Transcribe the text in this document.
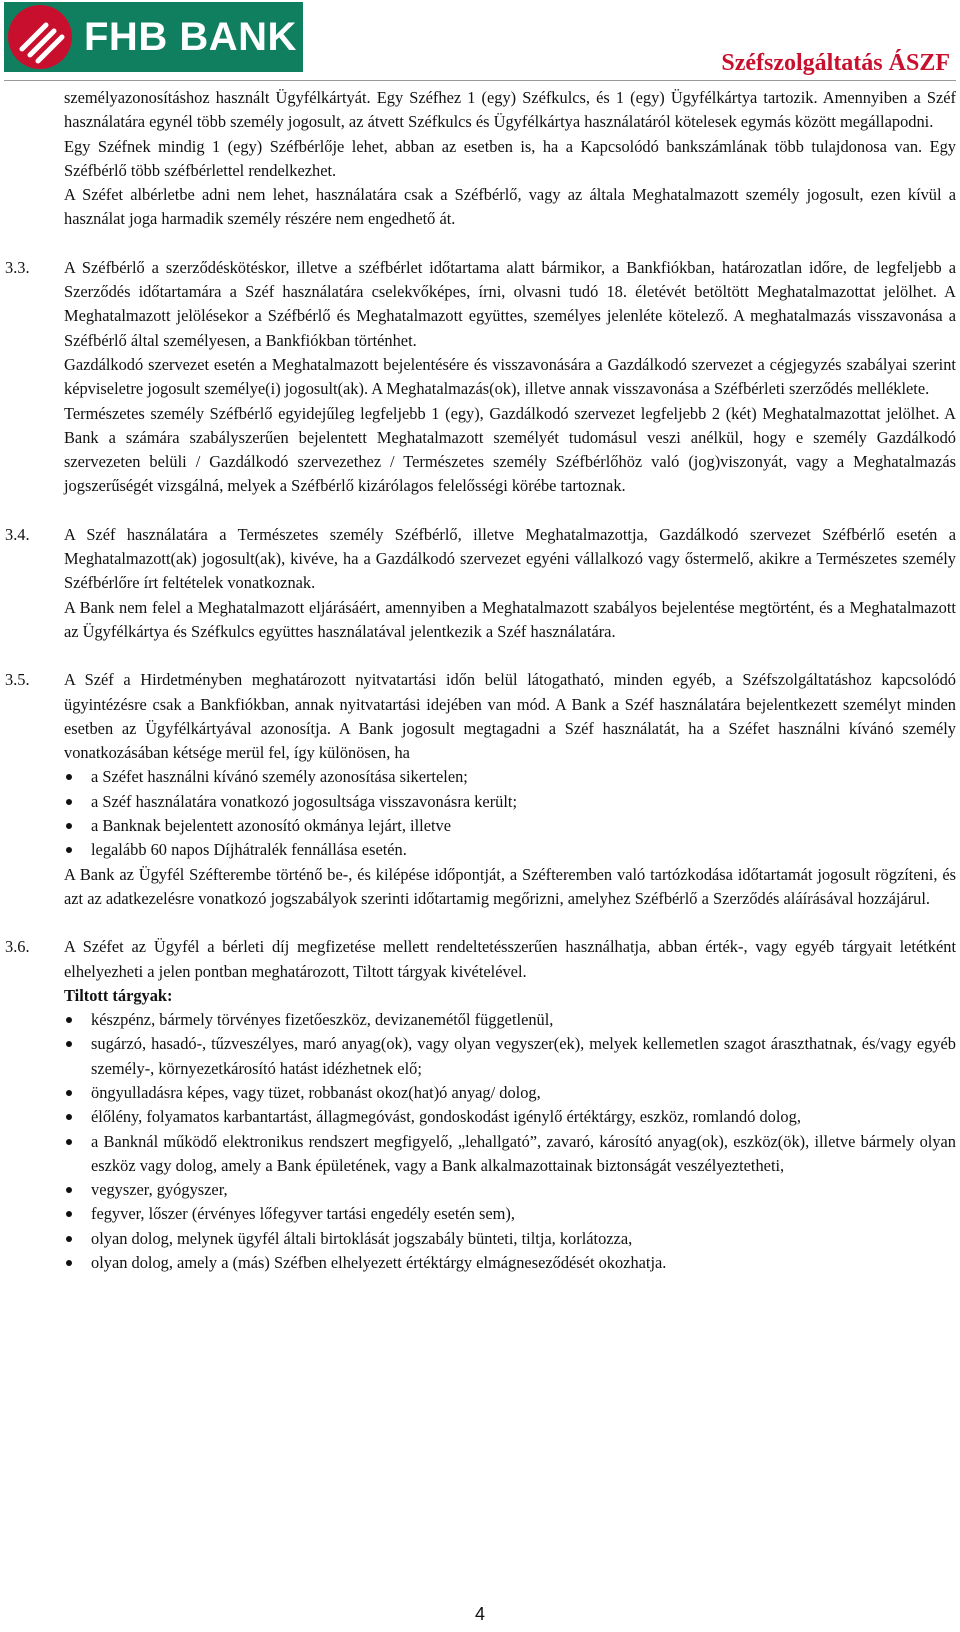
FHB BANK
Széfszolgáltatás ÁSZF

személyazonosításhoz használt Ügyfélkártyát. Egy Széfhez 1 (egy) Széfkulcs, és 1 (egy) Ügyfélkártya tartozik. Amennyiben a Széf használatára egynél több személy jogosult, az átvett Széfkulcs és Ügyfélkártya használatáról kötelesek egymás között megállapodni.

Egy Széfnek mindig 1 (egy) Széfbérlője lehet, abban az esetben is, ha a Kapcsolódó bankszámlának több tulajdonosa van. Egy Széfbérlő több széfbérlettel rendelkezhet.

A Széfet albérletbe adni nem lehet, használatára csak a Széfbérlő, vagy az általa Meghatalmazott személy jogosult, ezen kívül a használat joga harmadik személy részére nem engedhető át.

3.3. A Széfbérlő a szerződéskötéskor, illetve a széfbérlet időtartama alatt bármikor, a Bankfiókban, határozatlan időre, de legfeljebb a Szerződés időtartamára a Széf használatára cselekvőképes, írni, olvasni tudó 18. életévét betöltött Meghatalmazottat jelölhet. A Meghatalmazott jelölésekor a Széfbérlő és Meghatalmazott együttes, személyes jelenléte kötelező. A meghatalmazás visszavonása a Széfbérlő által személyesen, a Bankfiókban történhet.

Gazdálkodó szervezet esetén a Meghatalmazott bejelentésére és visszavonására a Gazdálkodó szervezet a cégjegyzés szabályai szerint képviseletre jogosult személye(i) jogosult(ak). A Meghatalmazás(ok), illetve annak visszavonása a Széfbérleti szerződés melléklete.

Természetes személy Széfbérlő egyidejűleg legfeljebb 1 (egy), Gazdálkodó szervezet legfeljebb 2 (két) Meghatalmazottat jelölhet. A Bank a számára szabályszerűen bejelentett Meghatalmazott személyét tudomásul veszi anélkül, hogy e személy Gazdálkodó szervezeten belüli / Gazdálkodó szervezethez / Természetes személy Széfbérlőhöz való (jog)viszonyát, vagy a Meghatalmazás jogszerűségét vizsgálná, melyek a Széfbérlő kizárólagos felelősségi körébe tartoznak.

3.4. A Széf használatára a Természetes személy Széfbérlő, illetve Meghatalmazottja, Gazdálkodó szervezet Széfbérlő esetén a Meghatalmazott(ak) jogosult(ak), kivéve, ha a Gazdálkodó szervezet egyéni vállalkozó vagy őstermelő, akikre a Természetes személy Széfbérlőre írt feltételek vonatkoznak.

A Bank nem felel a Meghatalmazott eljárásáért, amennyiben a Meghatalmazott szabályos bejelentése megtörtént, és a Meghatalmazott az Ügyfélkártya és Széfkulcs együttes használatával jelentkezik a Széf használatára.

3.5. A Széf a Hirdetményben meghatározott nyitvatartási időn belül látogatható, minden egyéb, a Széfszolgáltatáshoz kapcsolódó ügyintézésre csak a Bankfiókban, annak nyitvatartási idejében van mód. A Bank a Széf használatára bejelentkezett személyt minden esetben az Ügyfélkártyával azonosítja. A Bank jogosult megtagadni a Széf használatát, ha a Széfet használni kívánó személy vonatkozásában kétsége merül fel, így különösen, ha

a Széfet használni kívánó személy azonosítása sikertelen;
a Széf használatára vonatkozó jogosultsága visszavonásra került;
a Banknak bejelentett azonosító okmánya lejárt, illetve
legalább 60 napos Díjhátralék fennállása esetén.

A Bank az Ügyfél Széfterembe történő be-, és kilépése időpontját, a Széfteremben való tartózkodása időtartamát jogosult rögzíteni, és azt az adatkezelésre vonatkozó jogszabályok szerinti időtartamig megőrizni, amelyhez Széfbérlő a Szerződés aláírásával hozzájárul.

3.6. A Széfet az Ügyfél a bérleti díj megfizetése mellett rendeltetésszerűen használhatja, abban érték-, vagy egyéb tárgyait letétként elhelyezheti a jelen pontban meghatározott, Tiltott tárgyak kivételével.

Tiltott tárgyak:

készpénz, bármely törvényes fizetőeszköz, devizanemétől függetlenül,
sugárzó, hasadó-, tűzveszélyes, maró anyag(ok), vagy olyan vegyszer(ek), melyek kellemetlen szagot áraszthatnak, és/vagy egyéb személy-, környezetkárosító hatást idézhetnek elő;
öngyulladásra képes, vagy tüzet, robbanást okoz(hat)ó anyag/ dolog,
élőlény, folyamatos karbantartást, állagmegóvást, gondoskodást igénylő értéktárgy, eszköz, romlandó dolog,
a Banknál működő elektronikus rendszert megfigyelő, „lehallgató”, zavaró, károsító anyag(ok), eszköz(ök), illetve bármely olyan eszköz vagy dolog, amely a Bank épületének, vagy a Bank alkalmazottainak biztonságát veszélyeztetheti,
vegyszer, gyógyszer,
fegyver, lőszer (érvényes lőfegyver tartási engedély esetén sem),
olyan dolog, melynek ügyfél általi birtoklását jogszabály bünteti, tiltja, korlátozza,
olyan dolog, amely a (más) Széfben elhelyezett értéktárgy elmágneseződését okozhatja.
4
